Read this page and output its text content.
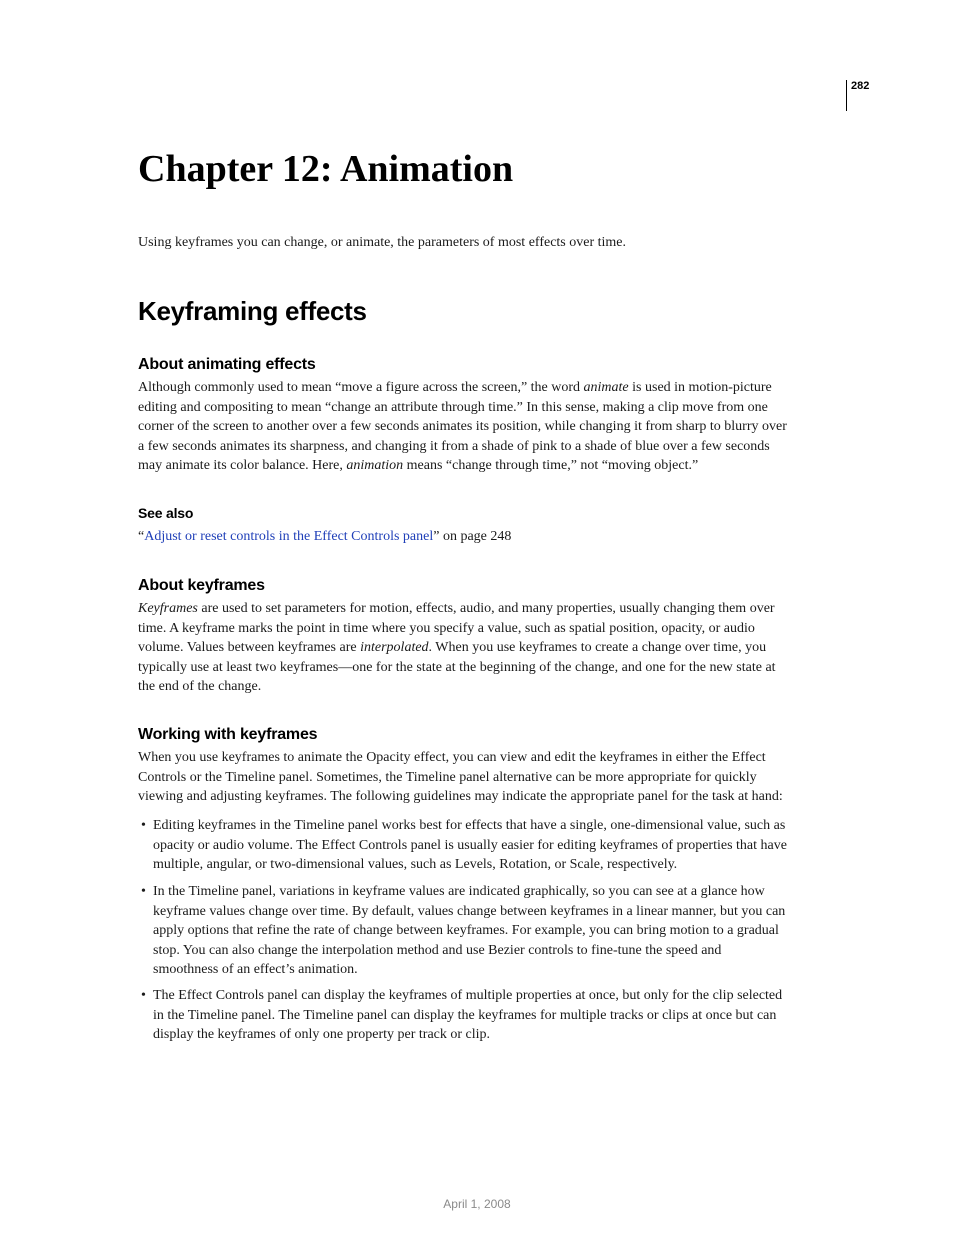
282
Chapter 12: Animation

Using keyframes you can change, or animate, the parameters of most effects over time.

Keyframing effects
About animating effects

Although commonly used to mean “move a figure across the screen,” the word animate is used in motion-picture
editing and compositing to mean “change an attribute through time.” In this sense, making a clip move from one
corner of the screen to another over a few seconds animates its position, while changing it from sharp to blurry over
a few seconds animates its sharpness, and changing it from a shade of pink to a shade of blue over a few seconds
may animate its color balance. Here, animation means “change through time,” not “moving object.”

See also

“Adjust or reset controls in the Effect Controls panel” on page 248

About keyframes

Keyframes are used to set parameters for motion, effects, audio, and many properties, usually changing them over
time. A keyframe marks the point in time where you specify a value, such as spatial position, opacity, or audio
volume. Values between keyframes are interpolated. When you use keyframes to create a change over time, you
typically use at least two keyframes—one for the state at the beginning of the change, and one for the new state at
the end of the change.

Working with keyframes

When you use keyframes to animate the Opacity effect, you can view and edit the keyframes in either the Effect
Controls or the Timeline panel. Sometimes, the Timeline panel alternative can be more appropriate for quickly
viewing and adjusting keyframes. The following guidelines may indicate the appropriate panel for the task at hand:

• Editing keyframes in the Timeline panel works best for effects that have a single, one-dimensional value, such as
opacity or audio volume. The Effect Controls panel is usually easier for editing keyframes of properties that have
multiple, angular, or two-dimensional values, such as Levels, Rotation, or Scale, respectively.
• In the Timeline panel, variations in keyframe values are indicated graphically, so you can see at a glance how
keyframe values change over time. By default, values change between keyframes in a linear manner, but you can
apply options that refine the rate of change between keyframes. For example, you can bring motion to a gradual
stop. You can also change the interpolation method and use Bezier controls to fine-tune the speed and
smoothness of an effect’s animation.
• The Effect Controls panel can display the keyframes of multiple properties at once, but only for the clip selected
in the Timeline panel. The Timeline panel can display the keyframes for multiple tracks or clips at once but can
display the keyframes of only one property per track or clip.
April 1, 2008
